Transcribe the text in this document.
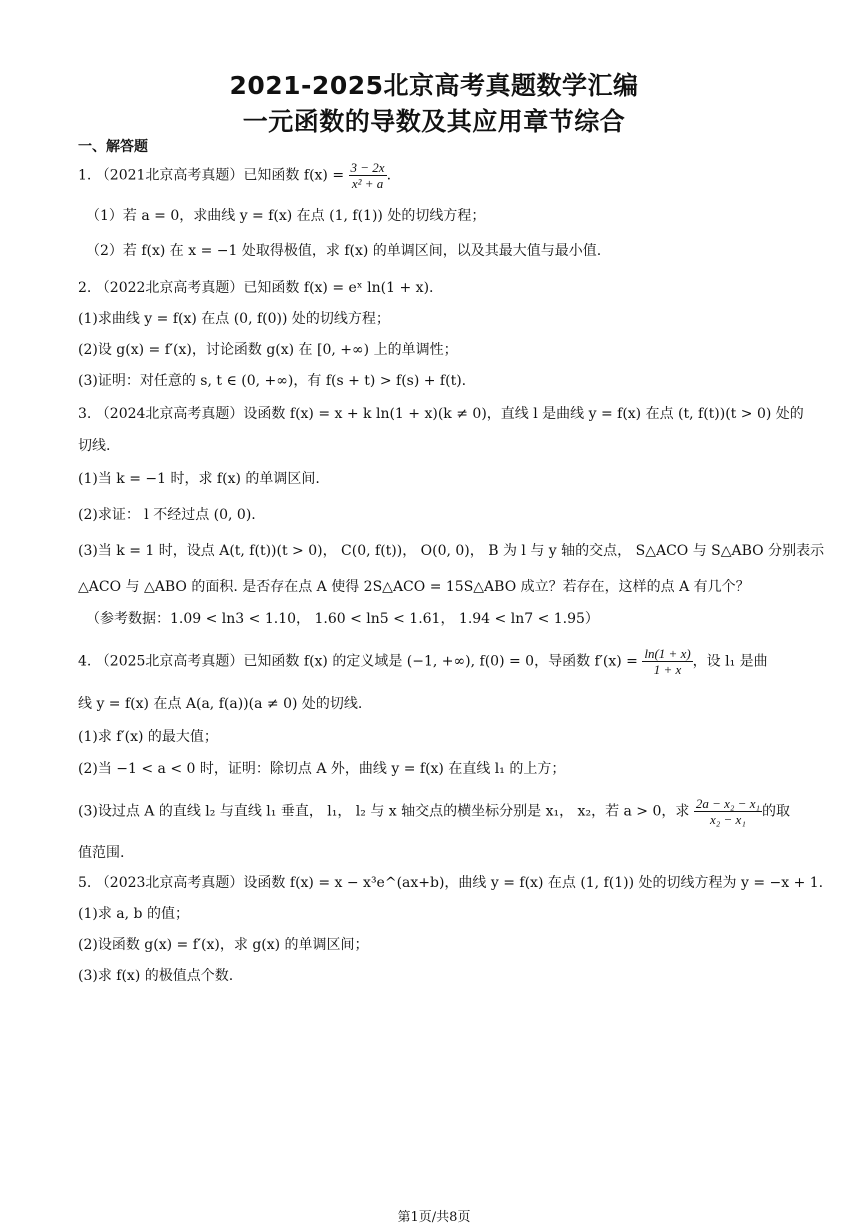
2021-2025北京高考真题数学汇编
一元函数的导数及其应用章节综合
一、解答题
1. （2021北京高考真题）已知函数 $f(x) = \frac{3 - 2x}{\text{x² + a}}$ .
（1）若 a = 0，求曲线 y = f(x) 在点 (1, f(1)) 处的切线方程；
（2）若 f(x) 在 x = −1 处取得极值，求 f(x) 的单调区间，以及其最大值与最小值.
2. （2022北京高考真题）已知函数 f(x) = eˣ ln(1 + x).
(1)求曲线 y = f(x) 在点 (0, f(0)) 处的切线方程；
(2)设 g(x) = f′(x)，讨论函数 g(x) 在 [0, +∞) 上的单调性；
(3)证明：对任意的 s, t ∈ (0, +∞)，有 f(s + t) > f(s) + f(t).
3. （2024北京高考真题）设函数 f(x) = x + k ln(1 + x)(k ≠ 0)，直线 l 是曲线 y = f(x) 在点 (t, f(t))(t > 0) 处的
切线.
(1)当 k = −1 时，求 f(x) 的单调区间.
(2)求证： l 不经过点 (0, 0).
(3)当 k = 1 时，设点 A(t, f(t))(t > 0)， C(0, f(t))， O(0, 0)， B 为 l 与 y 轴的交点， S△ACO 与 S△ABO 分别表示
△ACO 与 △ABO 的面积. 是否存在点 A 使得 2S△ACO = 15S△ABO 成立？若存在，这样的点 A 有几个？
（参考数据：1.09 < ln3 < 1.10， 1.60 < ln5 < 1.61， 1.94 < ln7 < 1.95）
4. （2025北京高考真题）已知函数 f(x) 的定义域是 (−1, +∞), f(0) = 0，导函数 $f'(x) = \frac{\ln(1 + x)}{1 + x}$ ，设 l₁ 是曲
线 y = f(x) 在点 A(a, f(a))(a ≠ 0) 处的切线.
(1)求 f′(x) 的最大值；
(2)当 −1 < a < 0 时，证明：除切点 A 外，曲线 y = f(x) 在直线 l₁ 的上方；
(3)设过点 A 的直线 l₂ 与直线 l₁ 垂直， l₁， l₂ 与 x 轴交点的横坐标分别是 x₁， x₂，若 a > 0，求 $\frac{\text{2a − x₂ − x₁}}{\text{x₂ − x₁}}$ 的取
值范围.
5. （2023北京高考真题）设函数 f(x) = x − x³e^(ax+b)，曲线 y = f(x) 在点 (1, f(1)) 处的切线方程为 y = −x + 1.
(1)求 a, b 的值；
(2)设函数 g(x) = f′(x)，求 g(x) 的单调区间；
(3)求 f(x) 的极值点个数.
第1页/共8页
